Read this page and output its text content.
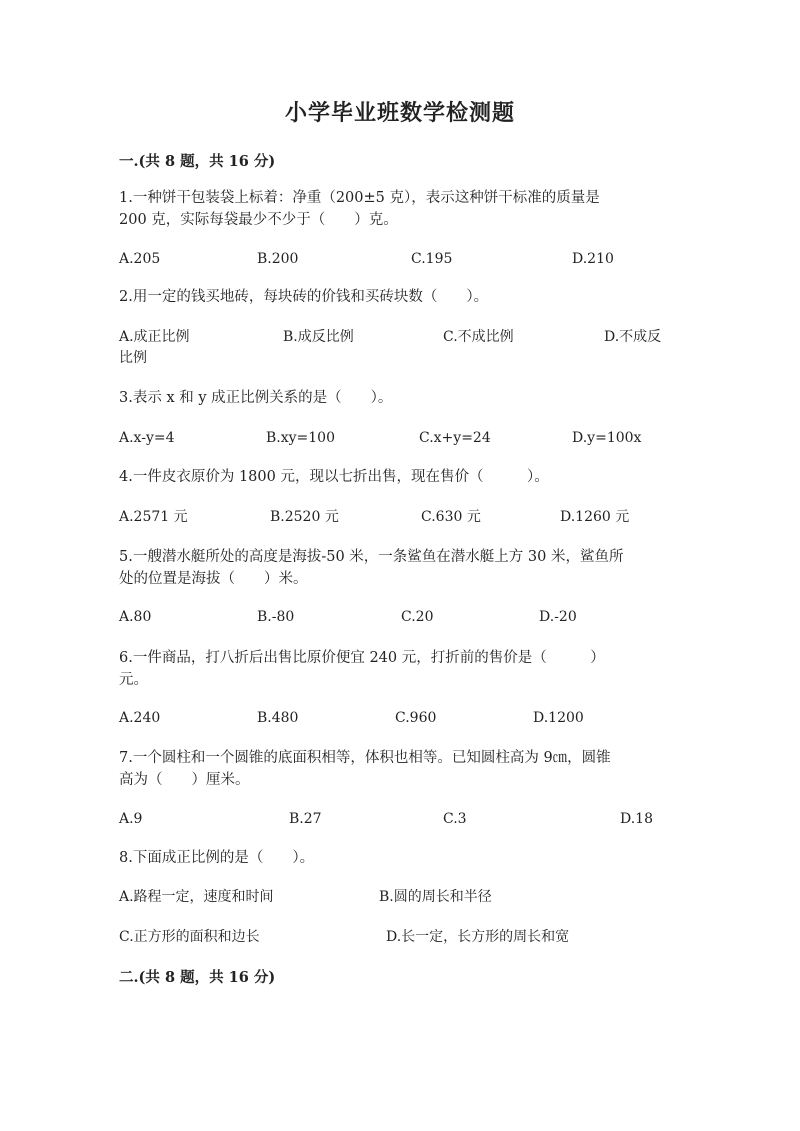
小学毕业班数学检测题
一.(共 8 题，共 16 分)
1.一种饼干包装袋上标着：净重（200±5 克），表示这种饼干标准的质量是
200 克，实际每袋最少不少于（　　）克。
A.205	B.200	C.195	D.210
2.用一定的钱买地砖，每块砖的价钱和买砖块数（　　）。
A.成正比例	B.成反比例	C.不成比例	D.不成反
比例
3.表示 x 和 y 成正比例关系的是（　　）。
A.x-y=4	B.xy=100	C.x+y=24	D.y=100x
4.一件皮衣原价为 1800 元，现以七折出售，现在售价（　　　）。
A.2571 元	B.2520 元	C.630 元	D.1260 元
5.一艘潜水艇所处的高度是海拔-50 米，一条鲨鱼在潜水艇上方 30 米，鲨鱼所
处的位置是海拔（　　）米。
A.80	B.-80	C.20	D.-20
6.一件商品，打八折后出售比原价便宜 240 元，打折前的售价是（　　　）
元。
A.240	B.480	C.960	D.1200
7.一个圆柱和一个圆锥的底面积相等，体积也相等。已知圆柱高为 9㎝，圆锥
高为（　　）厘米。
A.9	B.27	C.3	D.18
8.下面成正比例的是（　　）。
A.路程一定，速度和时间	B.圆的周长和半径
C.正方形的面积和边长	D.长一定，长方形的周长和宽
二.(共 8 题，共 16 分)
